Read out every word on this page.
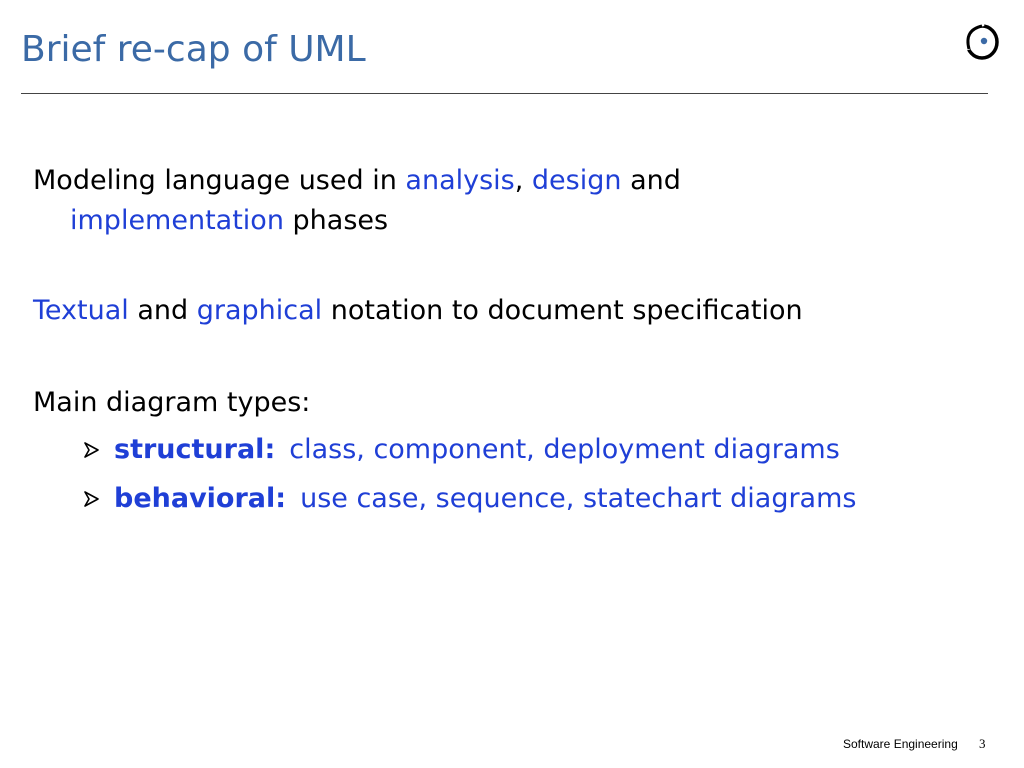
Brief re-cap of UML
Modeling language used in analysis, design and
implementation phases
Textual and graphical notation to document specification
Main diagram types:
structural: class, component, deployment diagrams
behavioral: use case, sequence, statechart diagrams
Software Engineering 3
